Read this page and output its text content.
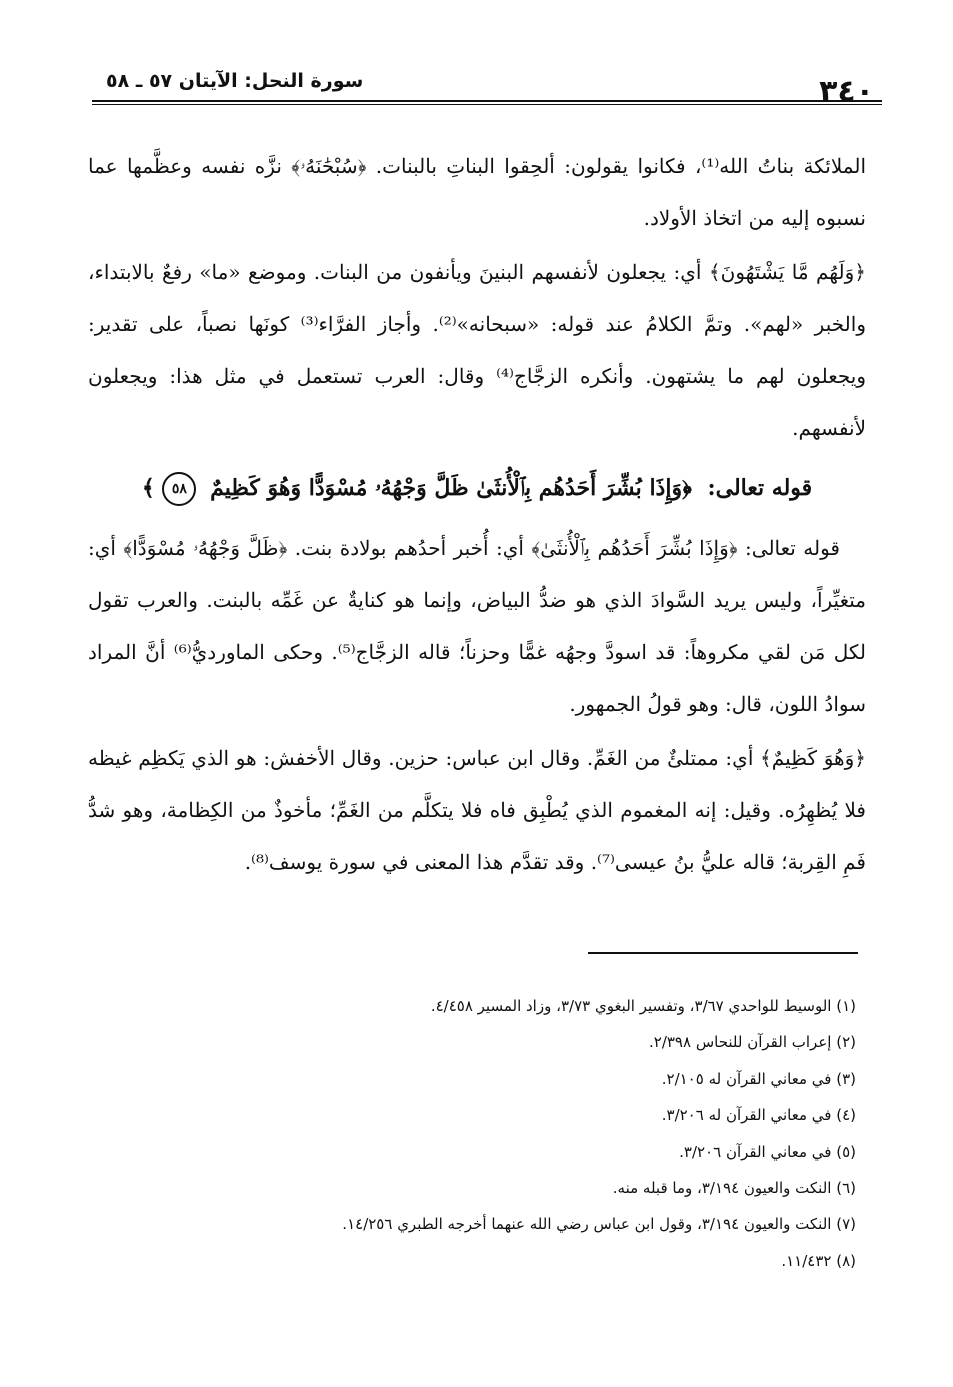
٣٤٠
سورة النحل: الآيتان ٥٧ ـ ٥٨

الملائكة بناتُ الله⁽¹⁾، فكانوا يقولون: ألحِقوا البناتِ بالبنات. ﴿سُبْحَٰنَهُۥ﴾ نزَّه نفسه وعظَّمها عما نسبوه إليه من اتخاذ الأولاد.

﴿وَلَهُم مَّا يَشْتَهُونَ﴾ أي: يجعلون لأنفسهم البنينَ ويأنفون من البنات. وموضع «ما» رفعٌ بالابتداء، والخبر «لهم». وتمَّ الكلامُ عند قوله: «سبحانه»⁽²⁾. وأجاز الفرَّاء⁽³⁾ كونَها نصباً، على تقدير: ويجعلون لهم ما يشتهون. وأنكره الزجَّاج⁽⁴⁾ وقال: العرب تستعمل في مثل هذا: ويجعلون لأنفسهم.

قوله تعالى: ﴿وَإِذَا بُشِّرَ أَحَدُهُم بِٱلْأُنثَىٰ ظَلَّ وَجْهُهُۥ مُسْوَدًّا وَهُوَ كَظِيمٌ ٥٨ ﴾

قوله تعالى: ﴿وَإِذَا بُشِّرَ أَحَدُهُم بِٱلْأُنثَىٰ﴾ أي: أُخبر أحدُهم بولادة بنت. ﴿ظَلَّ وَجْهُهُۥ مُسْوَدًّا﴾ أي: متغيِّراً، وليس يريد السَّوادَ الذي هو ضدُّ البياض، وإنما هو كنايةٌ عن غَمِّه بالبنت. والعرب تقول لكل مَن لقي مكروهاً: قد اسودَّ وجهُه غمًّا وحزناً؛ قاله الزجَّاج⁽⁵⁾. وحكى الماورديُّ⁽⁶⁾ أنَّ المراد سوادُ اللون، قال: وهو قولُ الجمهور.

﴿وَهُوَ كَظِيمٌ﴾ أي: ممتلئٌ من الغَمِّ. وقال ابن عباس: حزين. وقال الأخفش: هو الذي يَكظِم غيظه فلا يُظهِرُه. وقيل: إنه المغموم الذي يُطْبِق فاه فلا يتكلَّم من الغَمِّ؛ مأخوذٌ من الكِظامة، وهو شدُّ فَمِ القِربة؛ قاله عليُّ بنُ عيسى⁽⁷⁾. وقد تقدَّم هذا المعنى في سورة يوسف⁽⁸⁾.

(١) الوسيط للواحدي ٣/٦٧، وتفسير البغوي ٣/٧٣، وزاد المسير ٤/٤٥٨.

(٢) إعراب القرآن للنحاس ٢/٣٩٨.

(٣) في معاني القرآن له ٢/١٠٥.

(٤) في معاني القرآن له ٣/٢٠٦.

(٥) في معاني القرآن ٣/٢٠٦.

(٦) النكت والعيون ٣/١٩٤، وما قبله منه.

(٧) النكت والعيون ٣/١٩٤، وقول ابن عباس رضي الله عنهما أخرجه الطبري ١٤/٢٥٦.

(٨) ١١/٤٣٢.
